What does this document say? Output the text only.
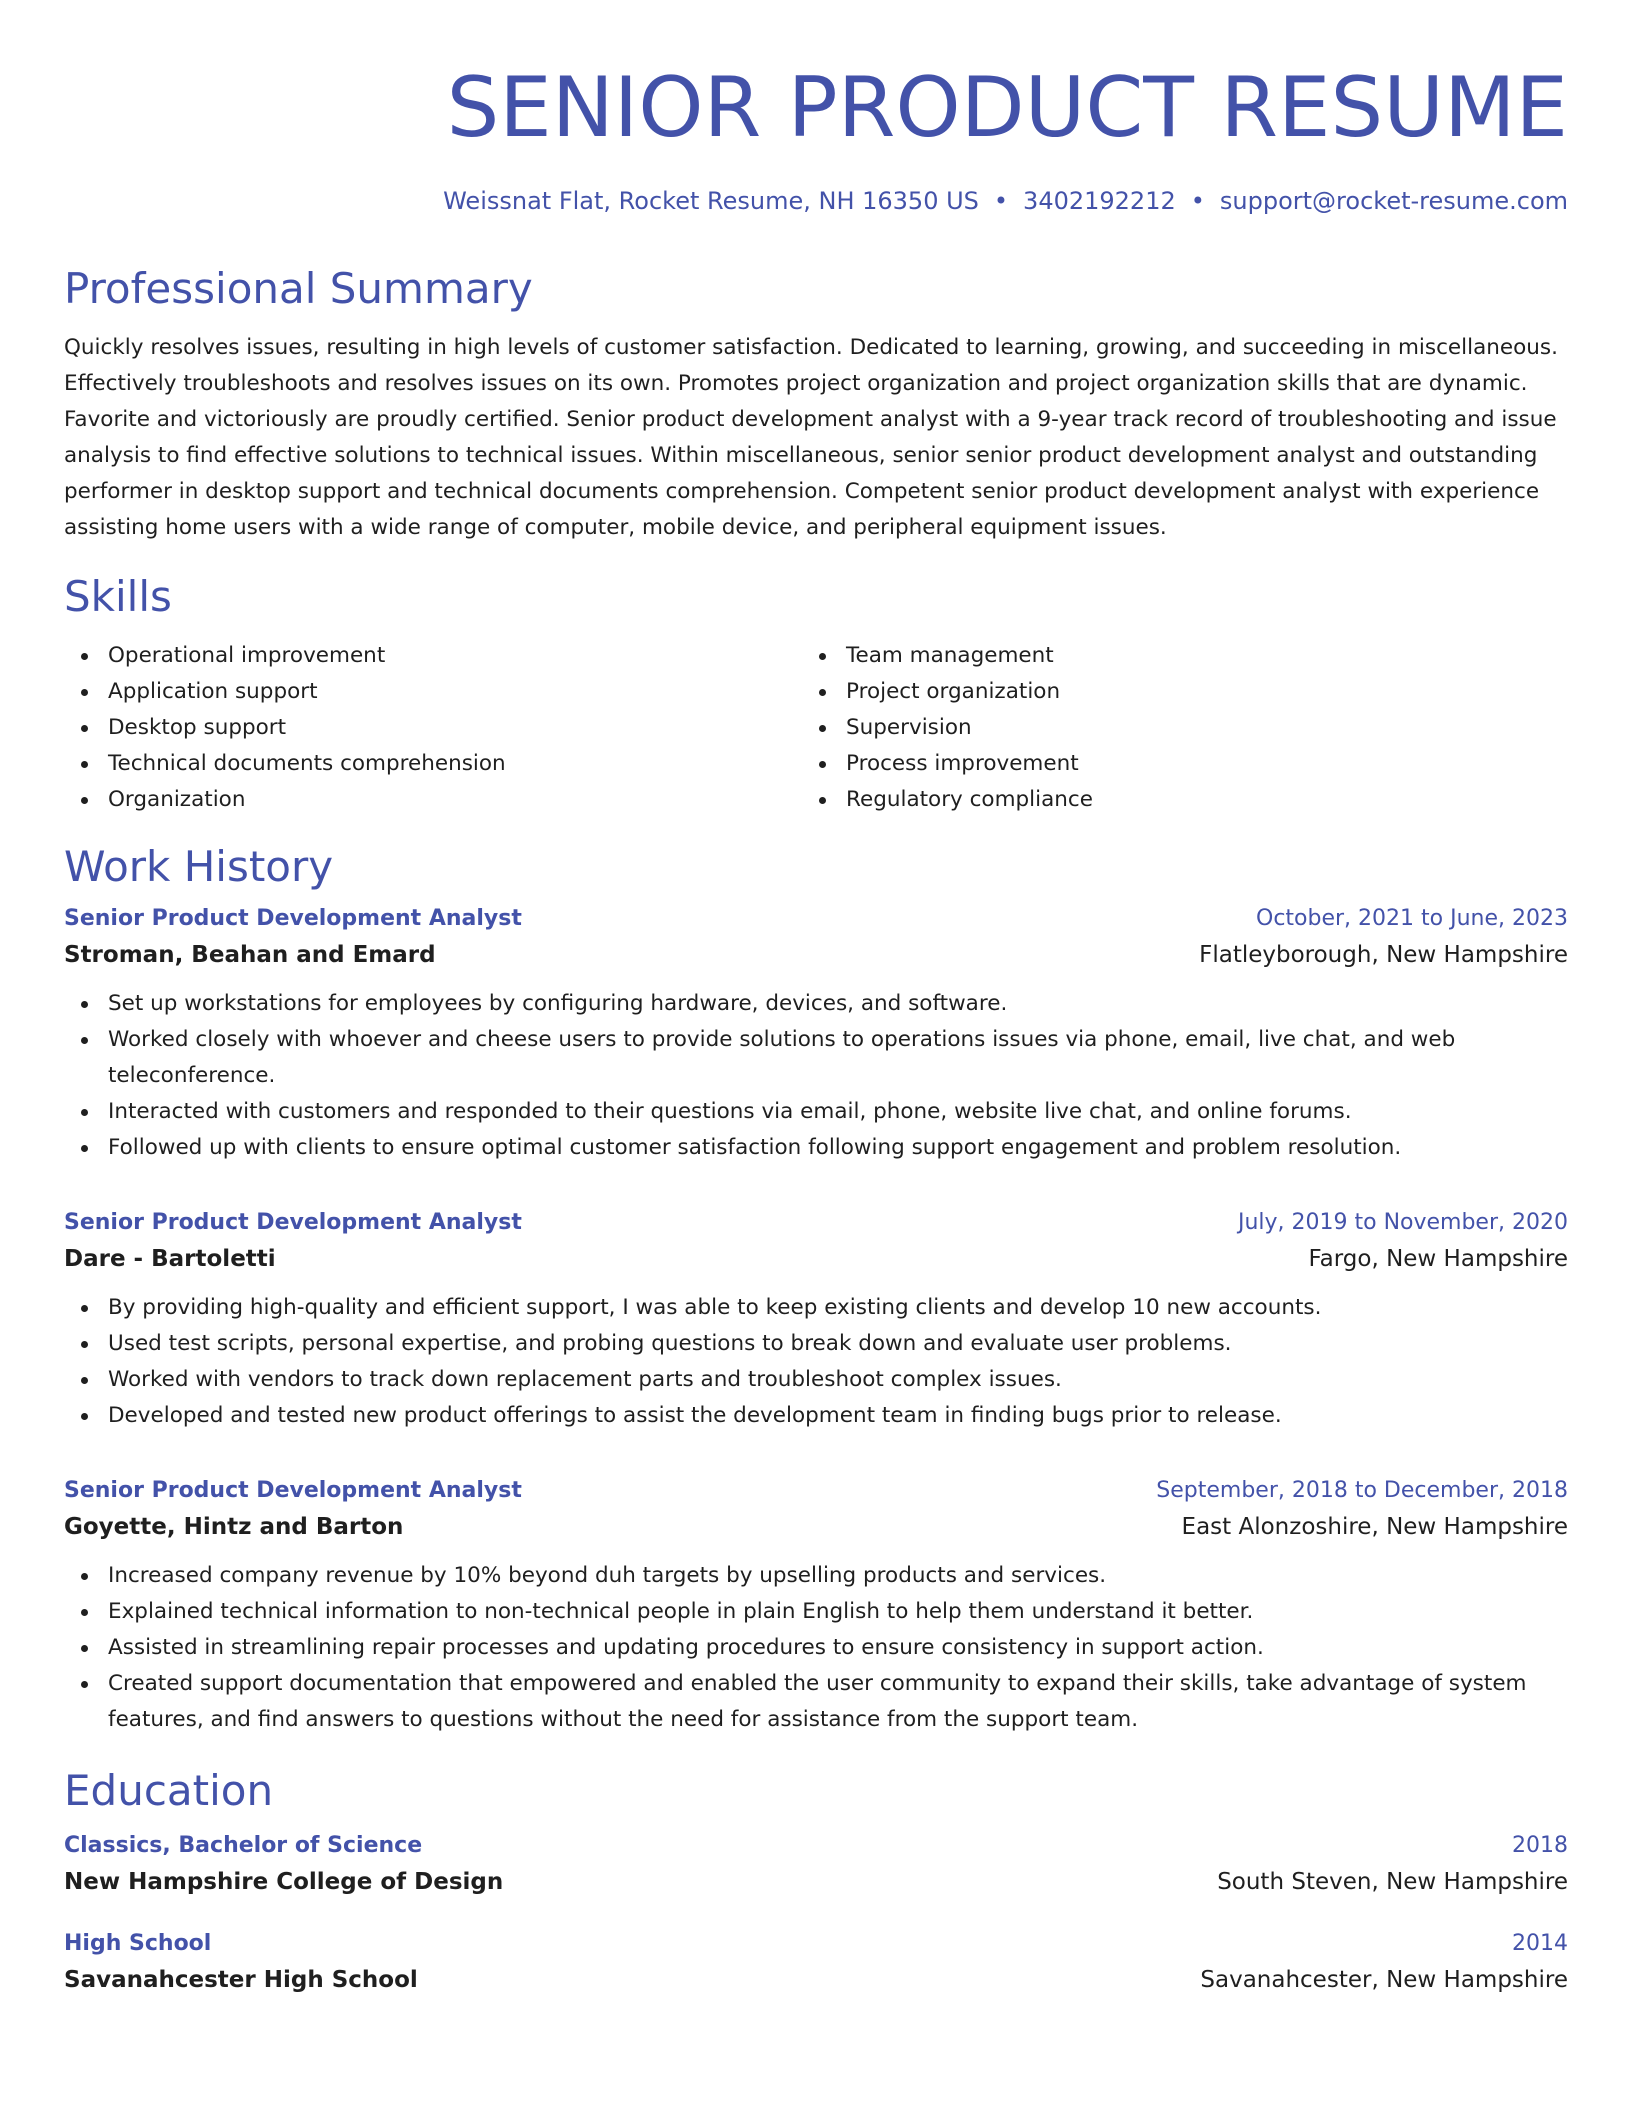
SENIOR PRODUCT RESUME
Weissnat Flat, Rocket Resume, NH 16350 US • 3402192212 • support@rocket-resume.com
Professional Summary
Quickly resolves issues, resulting in high levels of customer satisfaction. Dedicated to learning, growing, and succeeding in miscellaneous. Effectively troubleshoots and resolves issues on its own. Promotes project organization and project organization skills that are dynamic. Favorite and victoriously are proudly certified. Senior product development analyst with a 9-year track record of troubleshooting and issue analysis to find effective solutions to technical issues. Within miscellaneous, senior senior product development analyst and outstanding performer in desktop support and technical documents comprehension. Competent senior product development analyst with experience assisting home users with a wide range of computer, mobile device, and peripheral equipment issues.
Skills
Operational improvement
Application support
Desktop support
Technical documents comprehension
Organization
Team management
Project organization
Supervision
Process improvement
Regulatory compliance
Work History
Senior Product Development Analyst	October, 2021 to June, 2023
Stroman, Beahan and Emard	Flatleyborough, New Hampshire
Set up workstations for employees by configuring hardware, devices, and software.
Worked closely with whoever and cheese users to provide solutions to operations issues via phone, email, live chat, and web teleconference.
Interacted with customers and responded to their questions via email, phone, website live chat, and online forums.
Followed up with clients to ensure optimal customer satisfaction following support engagement and problem resolution.
Senior Product Development Analyst	July, 2019 to November, 2020
Dare - Bartoletti	Fargo, New Hampshire
By providing high-quality and efficient support, I was able to keep existing clients and develop 10 new accounts.
Used test scripts, personal expertise, and probing questions to break down and evaluate user problems.
Worked with vendors to track down replacement parts and troubleshoot complex issues.
Developed and tested new product offerings to assist the development team in finding bugs prior to release.
Senior Product Development Analyst	September, 2018 to December, 2018
Goyette, Hintz and Barton	East Alonzoshire, New Hampshire
Increased company revenue by 10% beyond duh targets by upselling products and services.
Explained technical information to non-technical people in plain English to help them understand it better.
Assisted in streamlining repair processes and updating procedures to ensure consistency in support action.
Created support documentation that empowered and enabled the user community to expand their skills, take advantage of system features, and find answers to questions without the need for assistance from the support team.
Education
Classics, Bachelor of Science	2018
New Hampshire College of Design	South Steven, New Hampshire
High School	2014
Savanahcester High School	Savanahcester, New Hampshire
